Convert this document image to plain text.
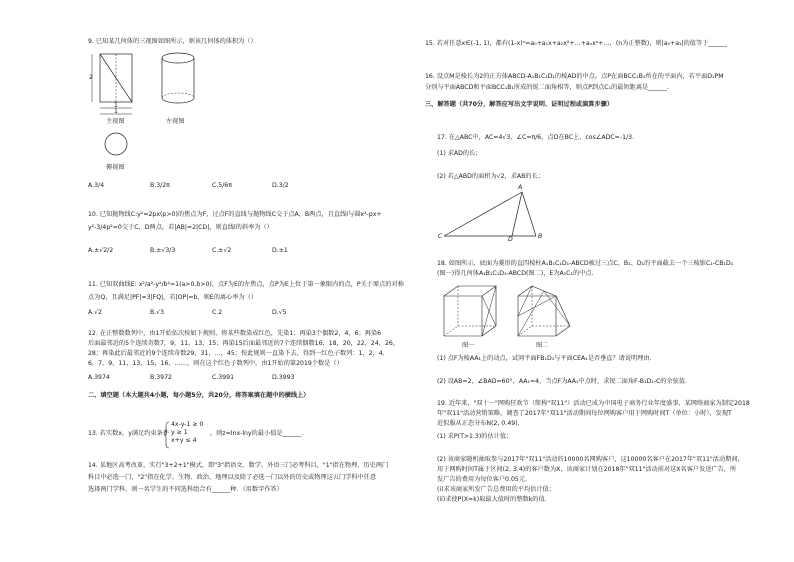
9. 已知某几何体的三视图如图所示，则该几何体的体积为（）
2
1
1
主视图	左视图
俯视图
A.3/4	B.3/2π	C.5/6π	D.3/2
10. 已知抛物线C:y²=2px(p>0)的焦点为F，过点F的直线与抛物线C交于点A，B两点，且直线l与圆x²-px+
y²-3/4p²=0交于C，D两点，若|AB|=2|CD|，则直线l的斜率为（）
A.±√2/2	B.±√3/3	C.±√2	D.±1
11. 已知双曲线E: x²/a²-y²/b²=1(a>0,b>0)，点F为E的左焦点，点P为E上位于第一象限内的点，P关于原点的对称
点为Q，且满足|PF|=3|FQ|，若|OP|=b，则E的离心率为（）
A.√2	B.√3	C.2	D.√5
12. 在正整数数列中，由1开始依次按如下规则，将某些数染成红色，先染1；再染3个偶数2，4，6；再染6
后面最邻近的5个连续奇数7，9，11，13，15；再染15后面最邻近的7个连续偶数16，18，20，22，24，26，
28；再染此后最邻近的9个连续奇数29，31，…，45；按此规则一直染下去，得到一红色子数列：1，2，4，
6，7，9，11，13，15，16，……，则在这个红色子数列中，由1开始的第2019个数是（）
A.3974	B.3972	C.3991	D.3993
二、填空题（本大题共4小题，每小题5分，共20分，将答案填在题中的横线上）
13. 若实数x，y满足约束条件
4x-y-1 ≥ 0
y ≥ 1
x+y ≤ 4
，则z=lnx-lny的最小值是______.
14. 某地区高考改革，实行"3+2+1"模式，即"3"指语文、数学、外语三门必考科目，"1"指在物理、历史两门
科目中必选一门，"2"指在化学、生物、政治、地理以及除了必选一门以外的历史或物理这五门学科中任意
选择两门学科，则一名学生的不同选科组合有______种．（用数字作答）
15. 若对任意x∈(-1, 1)，都有(1-x)ⁿ=a₀+a₁x+a₂x²+…+aₙxⁿ+…，(n为正整数)，则|a₀+a₁|的值等于______
16. 设点M是棱长为2的正方体ABCD-A₁B₁C₁D₁的棱AD的中点，点P在面BCC₁B₁所在的平面内，若平面D₁PM
分别与平面ABCD和平面BCC₁B₁所成的锐二面角相等，则点P到点C₁的最短距离是______.
三、解答题（共70分，解答应写出文字说明、证明过程或演算步骤）
17. 在△ABC中，AC=4√3，∠C=π/6，点D在BC上，cos∠ADC=-1/3.
(1) 求AD的长；
(2) 若△ABD的面积为√2，求AB的长；
A
C	D	B
18. 如图所示，底面为菱形的直四棱柱A₁B₁C₁D₁-ABCD被过三点C、B₁、D₁的平面截去一个三棱锥C₁-CB₁D₁
(图一)得几何体A₁B₁C₁D₁-ABCD(图二)，E为A₁C₁的中点.
图一	图二
(1) 点F为棱AA₁上的动点，试问平面FB₁D₁与平面CEA₁是否垂直？请说明理由．
(2) 设AB=2，∠BAD=60°，AA₁=4，当点F为AA₁中点时，求锐二面角F-B₁D₁-C的余弦值．
19. 近年来，"双十一"网购狂欢节（简称"双11"）活动已成为中国电子商务行业年度盛事，某网络商家为制定2018
年"双11"活动营销策略，调查了2017年"双11"活动期间每位网购客户用于网购时间T（单位：小时），发现T
近似服从正态分布N(2, 0.49).
(1) 求P(T>1.3)的估计值；
(2) 该商家随机抽取参与2017年"双11"活动的10000名网购客户，这10000名客户在2017年"双11"活动期间，
用于网购时间T属于区间(2, 3.4)的客户数为X，该商家计划在2018年"双11"活动前对这X名客户发送广告，所
发广告的费用为每位客户0.05元.
(i)求该商家所发广告总费用的平均估计值；
(ii)求使P(X=k)取最大值时的整数k的值.
